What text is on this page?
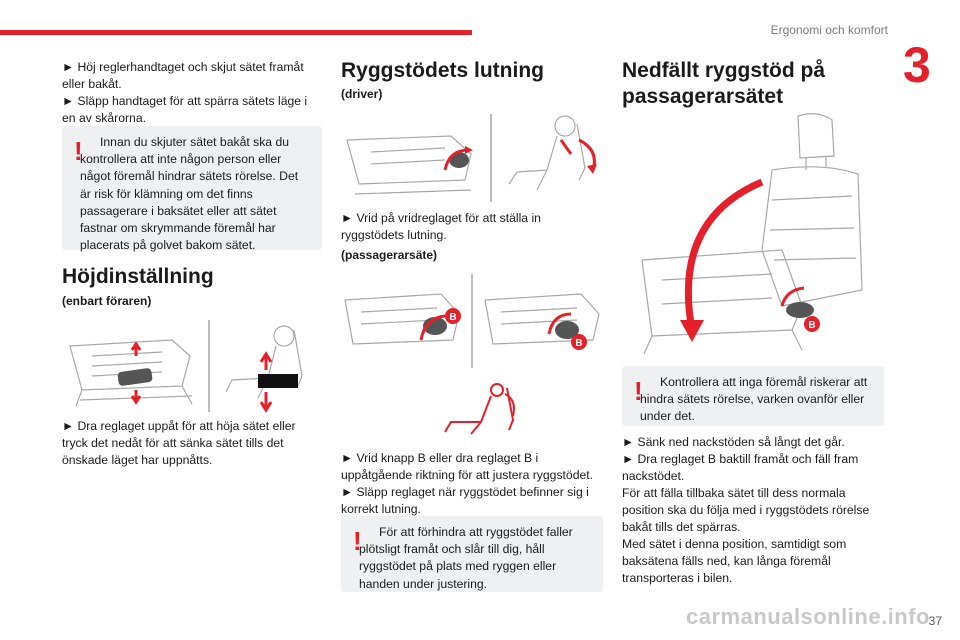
Ergonomi och komfort
3

► Höj reglerhandtaget och skjut sätet framåt eller bakåt.

► Släpp handtaget för att spärra sätets läge i en av skårorna.

!	Innan du skjuter sätet bakåt ska du kontrollera att inte någon person eller något föremål hindrar sätets rörelse. Det är risk för klämning om det finns passagerare i baksätet eller att sätet fastnar om skrymmande föremål har placerats på golvet bakom sätet.
Höjdinställning

(enbart föraren)

► Dra reglaget uppåt för att höja sätet eller tryck det nedåt för att sänka sätet tills det önskade läget har uppnåtts.

Ryggstödets lutning

(driver)

► Vrid på vridreglaget för att ställa in ryggstödets lutning.

(passagerarsäte)

B
B

► Vrid knapp B eller dra reglaget B i uppåtgående riktning för att justera ryggstödet.

► Släpp reglaget när ryggstödet befinner sig i korrekt lutning.

!	För att förhindra att ryggstödet faller plötsligt framåt och slår till dig, håll ryggstödet på plats med ryggen eller handen under justering.
Nedfällt ryggstöd på passagerarsätet
B
!	Kontrollera att inga föremål riskerar att hindra sätets rörelse, varken ovanför eller under det.

► Sänk ned nackstöden så långt det går.

► Dra reglaget B baktill framåt och fäll fram nackstödet.

För att fälla tillbaka sätet till dess normala position ska du följa med i ryggstödets rörelse bakåt tills det spärras.

Med sätet i denna position, samtidigt som baksätena fälls ned, kan långa föremål transporteras i bilen.

carmanualsonline.info
37
